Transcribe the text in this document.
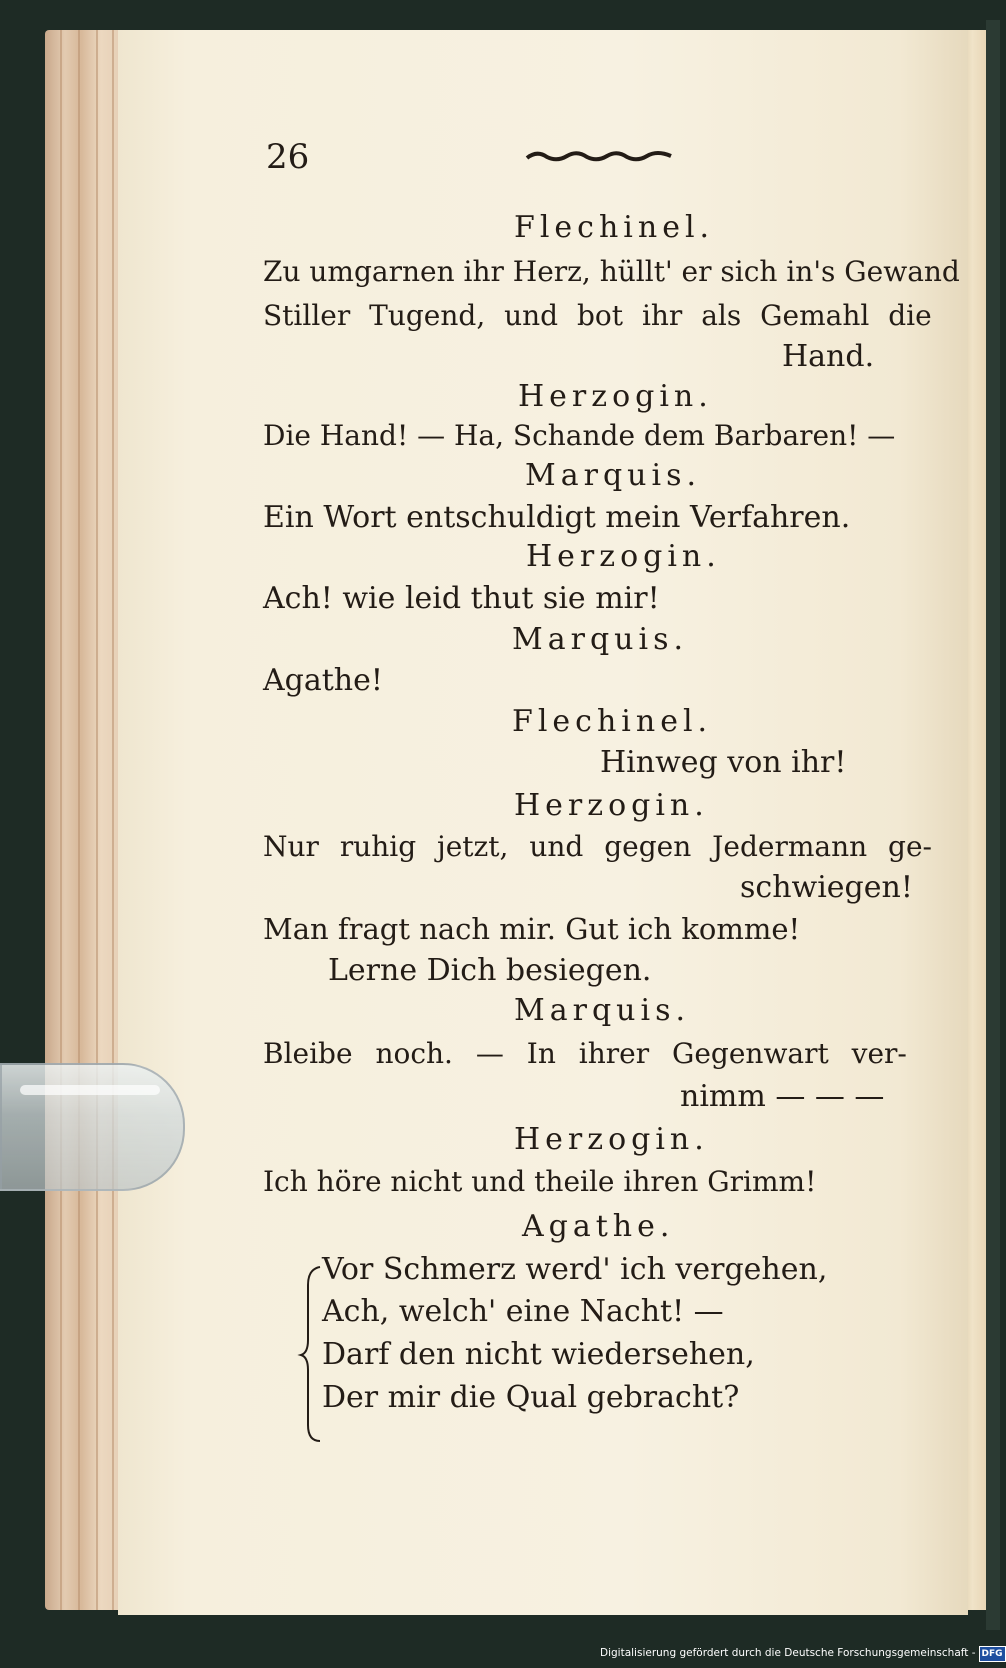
26
Flechinel.
Zu umgarnen ihr Herz, hüllt' er sich in's Gewand
Stiller Tugend, und bot ihr als Gemahl die
Hand.
Herzogin.
Die Hand! — Ha, Schande dem Barbaren! —
Marquis.
Ein Wort entschuldigt mein Verfahren.
Herzogin.
Ach! wie leid thut sie mir!
Marquis.
Agathe!
Flechinel.
Hinweg von ihr!
Herzogin.
Nur ruhig jetzt, und gegen Jedermann ge-
schwiegen!
Man fragt nach mir. Gut ich komme!
Lerne Dich besiegen.
Marquis.
Bleibe noch. — In ihrer Gegenwart ver-
nimm — — —
Herzogin.
Ich höre nicht und theile ihren Grimm!
Agathe.
Vor Schmerz werd' ich vergehen,
Ach, welch' eine Nacht! —
Darf den nicht wiedersehen,
Der mir die Qual gebracht?
Digitalisierung gefördert durch die Deutsche Forschungsgemeinschaft - DFG
